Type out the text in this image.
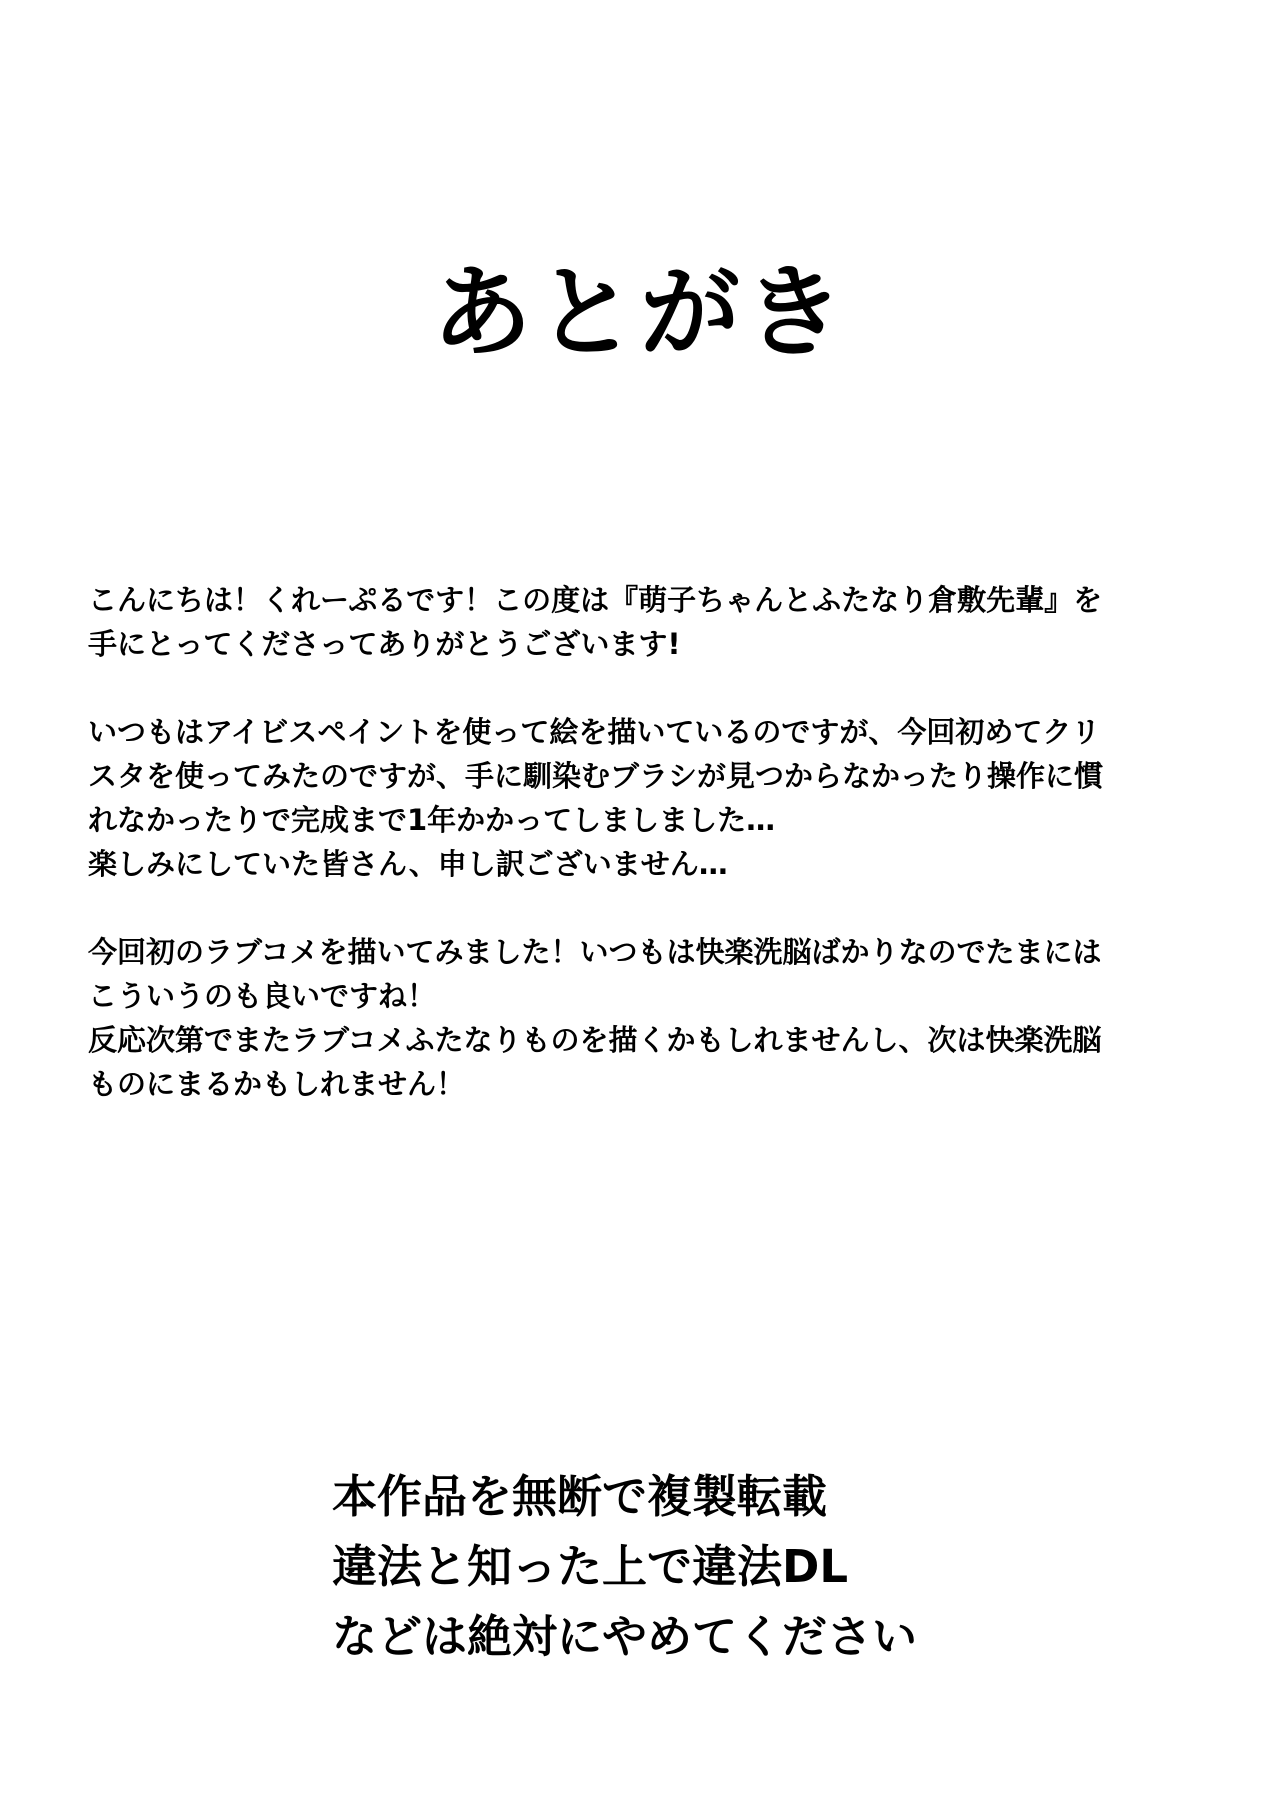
あとがき

こんにちは！くれーぷるです！この度は『萌子ちゃんとふたなり倉敷先輩』を
手にとってくださってありがとうございます!

いつもはアイビスペイントを使って絵を描いているのですが、今回初めてクリ
スタを使ってみたのですが、手に馴染むブラシが見つからなかったり操作に慣
れなかったりで完成まで1年かかってしましました…
楽しみにしていた皆さん、申し訳ございません…

今回初のラブコメを描いてみました！いつもは快楽洗脳ばかりなのでたまには
こういうのも良いですね！
反応次第でまたラブコメふたなりものを描くかもしれませんし、次は快楽洗脳
ものにまるかもしれません！

本作品を無断で複製転載
違法と知った上で違法DL
などは絶対にやめてください
